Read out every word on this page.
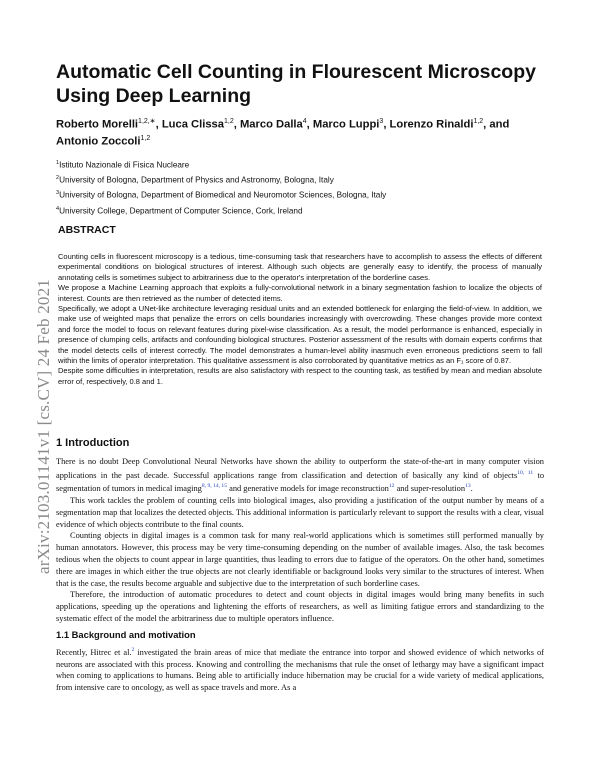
arXiv:2103.01141v1 [cs.CV] 24 Feb 2021
Automatic Cell Counting in Flourescent Microscopy Using Deep Learning
Roberto Morelli$^{1,2,∗}$, Luca Clissa$^{1,2}$, Marco Dalla$^4$, Marco Luppi$^3$, Lorenzo Rinaldi$^{1,2}$, and
Antonio Zoccoli$^{1,2}$
$^1$Istituto Nazionale di Fisica Nucleare
$^2$University of Bologna, Department of Physics and Astronomy, Bologna, Italy
$^3$University of Bologna, Department of Biomedical and Neuromotor Sciences, Bologna, Italy
$^4$University College, Department of Computer Science, Cork, Ireland
ABSTRACT

Counting cells in fluorescent microscopy is a tedious, time-consuming task that researchers have to accomplish to assess the effects of different experimental conditions on biological structures of interest. Although such objects are generally easy to identify, the process of manually annotating cells is sometimes subject to arbitrariness due to the operator's interpretation of the borderline cases.

We propose a Machine Learning approach that exploits a fully-convolutional network in a binary segmentation fashion to localize the objects of interest. Counts are then retrieved as the number of detected items.

Specifically, we adopt a UNet-like architecture leveraging residual units and an extended bottleneck for enlarging the field-of-view. In addition, we make use of weighted maps that penalize the errors on cells boundaries increasingly with overcrowding. These changes provide more context and force the model to focus on relevant features during pixel-wise classification. As a result, the model performance is enhanced, especially in presence of clumping cells, artifacts and confounding biological structures. Posterior assessment of the results with domain experts confirms that the model detects cells of interest correctly. The model demonstrates a human-level ability inasmuch even erroneous predictions seem to fall within the limits of operator interpretation. This qualitative assessment is also corroborated by quantitative metrics as an F₁ score of 0.87.

Despite some difficulties in interpretation, results are also satisfactory with respect to the counting task, as testified by mean and median absolute error of, respectively, 0.8 and 1.

1 Introduction

There is no doubt Deep Convolutional Neural Networks have shown the ability to outperform the state-of-the-art in many computer vision applications in the past decade. Successful applications range from classification and detection of basically any kind of objects$^{10, 11}$ to segmentation of tumors in medical imaging$^{8, 9, 14, 15}$ and generative models for image reconstruction$^{12}$ and super-resolution$^{13}$.

This work tackles the problem of counting cells into biological images, also providing a justification of the output number by means of a segmentation map that localizes the detected objects. This additional information is particularly relevant to support the results with a clear, visual evidence of which objects contribute to the final counts.

Counting objects in digital images is a common task for many real-world applications which is sometimes still performed manually by human annotators. However, this process may be very time-consuming depending on the number of available images. Also, the task becomes tedious when the objects to count appear in large quantities, thus leading to errors due to fatigue of the operators. On the other hand, sometimes there are images in which either the true objects are not clearly identifiable or background looks very similar to the structures of interest. When that is the case, the results become arguable and subjective due to the interpretation of such borderline cases.

Therefore, the introduction of automatic procedures to detect and count objects in digital images would bring many benefits in such applications, speeding up the operations and lightening the efforts of researchers, as well as limiting fatigue errors and standardizing to the systematic effect of the model the arbitrariness due to multiple operators influence.

1.1 Background and motivation

Recently, Hitrec et al.$^2$ investigated the brain areas of mice that mediate the entrance into torpor and showed evidence of which networks of neurons are associated with this process. Knowing and controlling the mechanisms that rule the onset of lethargy may have a significant impact when coming to applications to humans. Being able to artificially induce hibernation may be crucial for a wide variety of medical applications, from intensive care to oncology, as well as space travels and more. As a
